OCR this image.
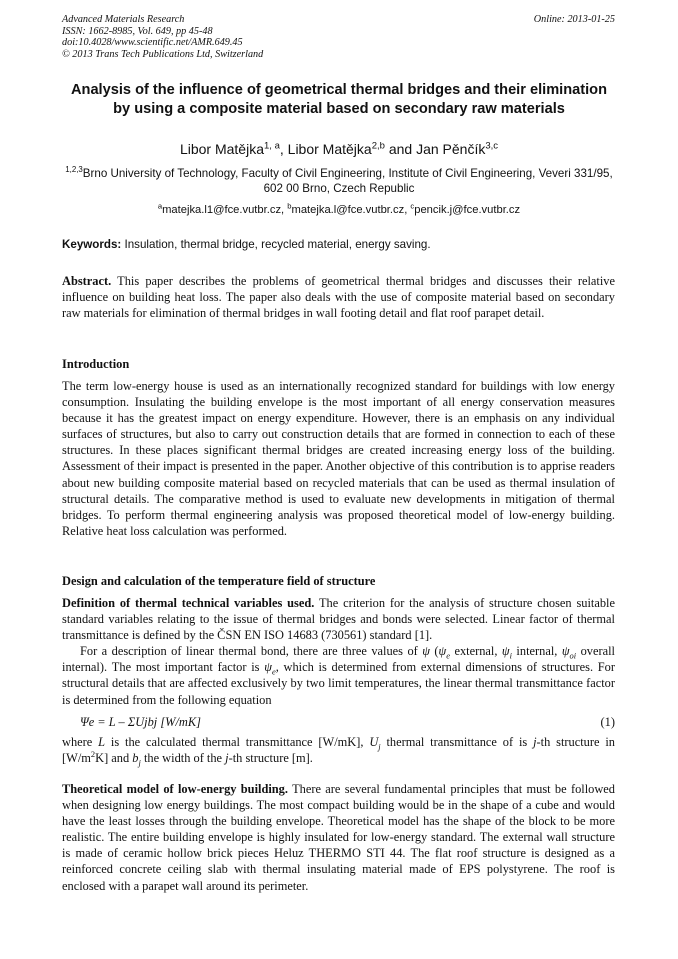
Advanced Materials Research
ISSN: 1662-8985, Vol. 649, pp 45-48
doi:10.4028/www.scientific.net/AMR.649.45
© 2013 Trans Tech Publications Ltd, Switzerland
Online: 2013-01-25
Analysis of the influence of geometrical thermal bridges and their elimination by using a composite material based on secondary raw materials
Libor Matějka$^{1, a}$, Libor Matějka$^{2,b}$ and Jan Pěnčík$^{3,c}$
$^{1,2,3}$Brno University of Technology, Faculty of Civil Engineering, Institute of Civil Engineering, Veveri 331/95, 602 00 Brno, Czech Republic
$^a$matejka.l1@fce.vutbr.cz, $^b$matejka.l@fce.vutbr.cz, $^c$pencik.j@fce.vutbr.cz
Keywords: Insulation, thermal bridge, recycled material, energy saving.

Abstract. This paper describes the problems of geometrical thermal bridges and discusses their relative influence on building heat loss. The paper also deals with the use of composite material based on secondary raw materials for elimination of thermal bridges in wall footing detail and flat roof parapet detail.

Introduction

The term low-energy house is used as an internationally recognized standard for buildings with low energy consumption. Insulating the building envelope is the most important of all energy conservation measures because it has the greatest impact on energy expenditure. However, there is an emphasis on any individual surfaces of structures, but also to carry out construction details that are formed in connection to each of these structures. In these places significant thermal bridges are created increasing energy loss of the building. Assessment of their impact is presented in the paper. Another objective of this contribution is to apprise readers about new building composite material based on recycled materials that can be used as thermal insulation of structural details. The comparative method is used to evaluate new developments in mitigation of thermal bridges. To perform thermal engineering analysis was proposed theoretical model of low-energy building. Relative heat loss calculation was performed.

Design and calculation of the temperature field of structure

Definition of thermal technical variables used. The criterion for the analysis of structure chosen suitable standard variables relating to the issue of thermal bridges and bonds were selected. Linear factor of thermal transmittance is defined by the ČSN EN ISO 14683 (730561) standard [1].

For a description of linear thermal bond, there are three values of ψ ($\psi_e$ external, $\psi_i$ internal, $\psi_{oi}$ overall internal). The most important factor is $\psi_e$, which is determined from external dimensions of structures. For structural details that are affected exclusively by two limit temperatures, the linear thermal transmittance factor is determined from the following equation

Ψe = L – ΣUjbj [W/mK]	(1)

where L is the calculated thermal transmittance [W/mK], $U_j$ thermal transmittance of is j-th structure in $[W/m^2K]$ and $b_j$ the width of the j-th structure [m].

Theoretical model of low-energy building. There are several fundamental principles that must be followed when designing low energy buildings. The most compact building would be in the shape of a cube and would have the least losses through the building envelope. Theoretical model has the shape of the block to be more realistic. The entire building envelope is highly insulated for low-energy standard. The external wall structure is made of ceramic hollow brick pieces Heluz THERMO STI 44. The flat roof structure is designed as a reinforced concrete ceiling slab with thermal insulating material made of EPS polystyrene. The roof is enclosed with a parapet wall around its perimeter.
